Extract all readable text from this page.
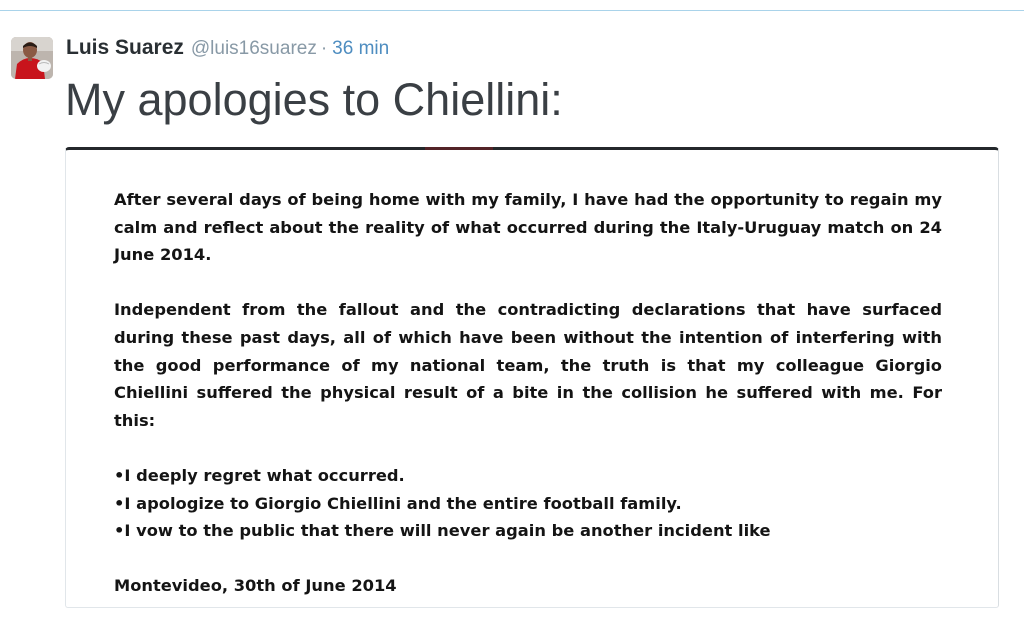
Luis Suarez @luis16suarez · 36 min
My apologies to Chiellini:

After several days of being home with my family, I have had the opportunity to regain my calm and reflect about the reality of what occurred during the Italy-Uruguay match on 24 June 2014.

Independent from the fallout and the contradicting declarations that have surfaced during these past days, all of which have been without the intention of interfering with the good performance of my national team, the truth is that my colleague Giorgio Chiellini suffered the physical result of a bite in the collision he suffered with me. For this:

•I deeply regret what occurred.

•I apologize to Giorgio Chiellini and the entire football family.

•I vow to the public that there will never again be another incident like

Montevideo, 30th of June 2014
